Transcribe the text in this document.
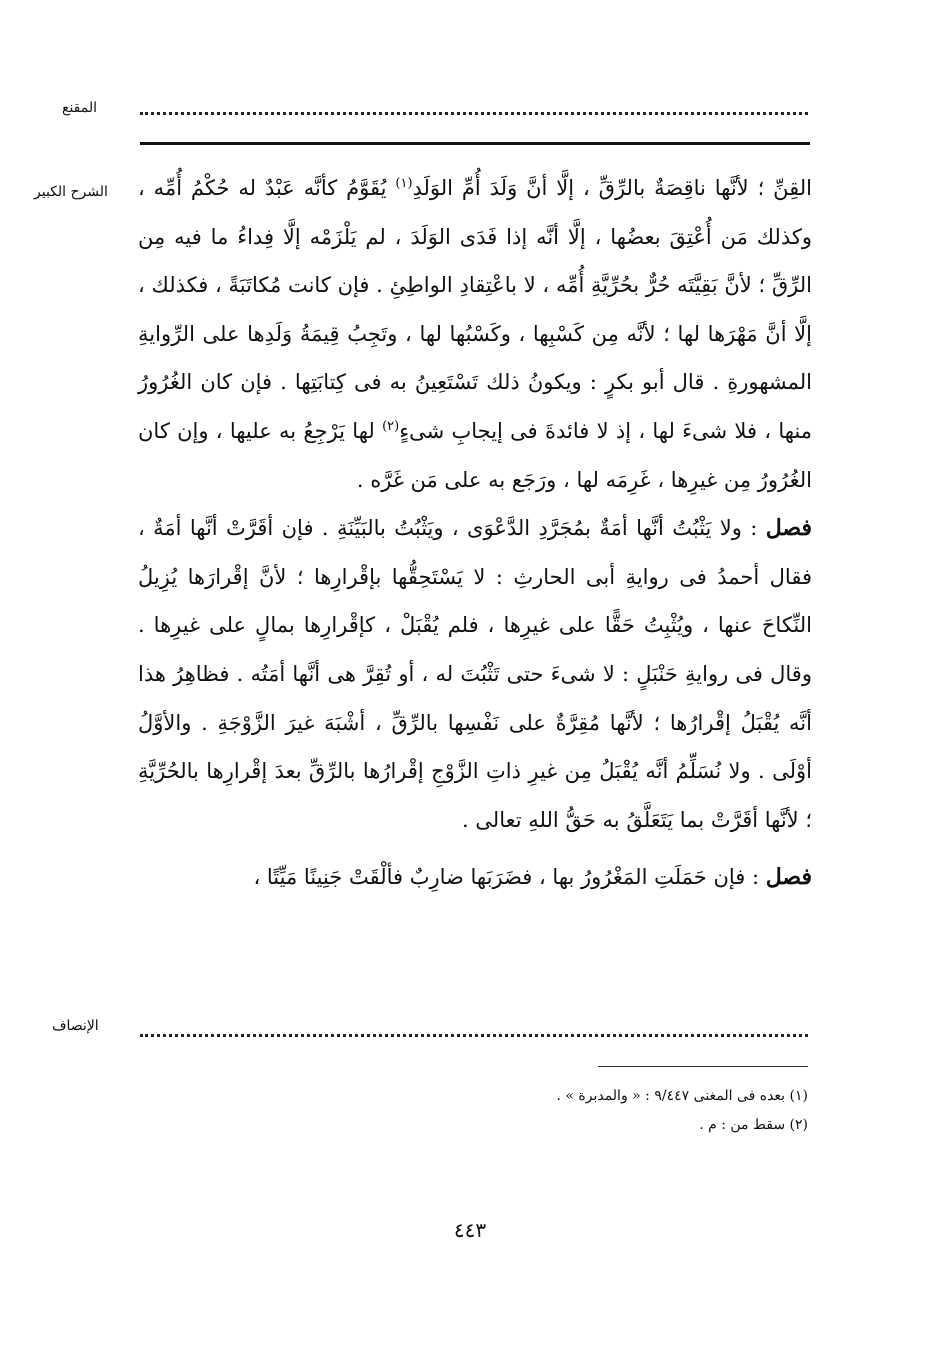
المقنع
الشرح الكبير	القِنِّ ؛ لأنَّها ناقِصَةٌ بالرِّقِّ ، إلَّا أنَّ وَلَدَ أُمِّ الوَلَدِ$^{(١)}$ يُقَوَّمُ كأنَّه عَبْدٌ له حُكْمُ أُمِّه ، وكذلك مَن أُعْتِقَ بعضُها ، إلَّا أنَّه إذا فَدَى الوَلَدَ ، لم يَلْزَمْه إلَّا فِداءُ ما فيه مِن الرِّقِّ ؛ لأنَّ بَقِيَّتَه حُرٌّ بحُرِّيَّةِ أُمِّه ، لا باعْتِقادِ الواطِئِ . فإن كانت مُكاتَبَةً ، فكذلك ، إلَّا أنَّ مَهْرَها لها ؛ لأنَّه مِن كَسْبِها ، وكَسْبُها لها ، وتَجِبُ قِيمَةُ وَلَدِها على الرِّوايةِ المشهورةِ . قال أبو بكرٍ : ويكونُ ذلك تَسْتَعِينُ به فى كِتابَتِها . فإن كان الغُرُورُ منها ، فلا شىءَ لها ، إذ لا فائدةَ فى إيجابِ شىءٍ$^{(٢)}$ لها يَرْجِعُ به عليها ، وإن كان الغُرُورُ مِن غيرِها ، غَرِمَه لها ، ورَجَع به على مَن غَرَّه .

فصل : ولا يَثْبُتُ أنَّها أمَةٌ بمُجَرَّدِ الدَّعْوَى ، ويَثْبُتُ بالبَيِّنَةِ . فإن أقَرَّتْ أنَّها أمَةٌ ، فقال أحمدُ فى روايةِ أبى الحارثِ : لا يَسْتَحِقُّها بإقْرارِها ؛ لأنَّ إقْرارَها يُزِيلُ النِّكاحَ عنها ، ويُثْبِتُ حَقًّا على غيرِها ، فلم يُقْبَلْ ، كإقْرارِها بمالٍ على غيرِها . وقال فى روايةِ حَنْبَلٍ : لا شىءَ حتى تَثْبُتَ له ، أو تُقِرَّ هى أنَّها أمَتُه . فظاهِرُ هذا أنَّه يُقْبَلُ إقْرارُها ؛ لأنَّها مُقِرَّةٌ على نَفْسِها بالرِّقِّ ، أشْبَهَ غيرَ الزَّوْجَةِ . والأوَّلُ أوْلَى . ولا نُسَلِّمُ أنَّه يُقْبَلُ مِن غيرِ ذاتِ الزَّوْجِ إقْرارُها بالرِّقِّ بعدَ إقْرارِها بالحُرِّيَّةِ ؛ لأنَّها أقَرَّتْ بما يَتَعَلَّقُ به حَقُّ اللهِ تعالى .

فصل : فإن حَمَلَتِ المَغْرُورُ بها ، فضَرَبَها ضارِبٌ فألْقَتْ جَنِينًا مَيِّتًا ،

الإنصاف
(١) بعده فى المغنى ٩/٤٤٧ : « والمدبرة » .
(٢) سقط من : م .
٤٤٣
